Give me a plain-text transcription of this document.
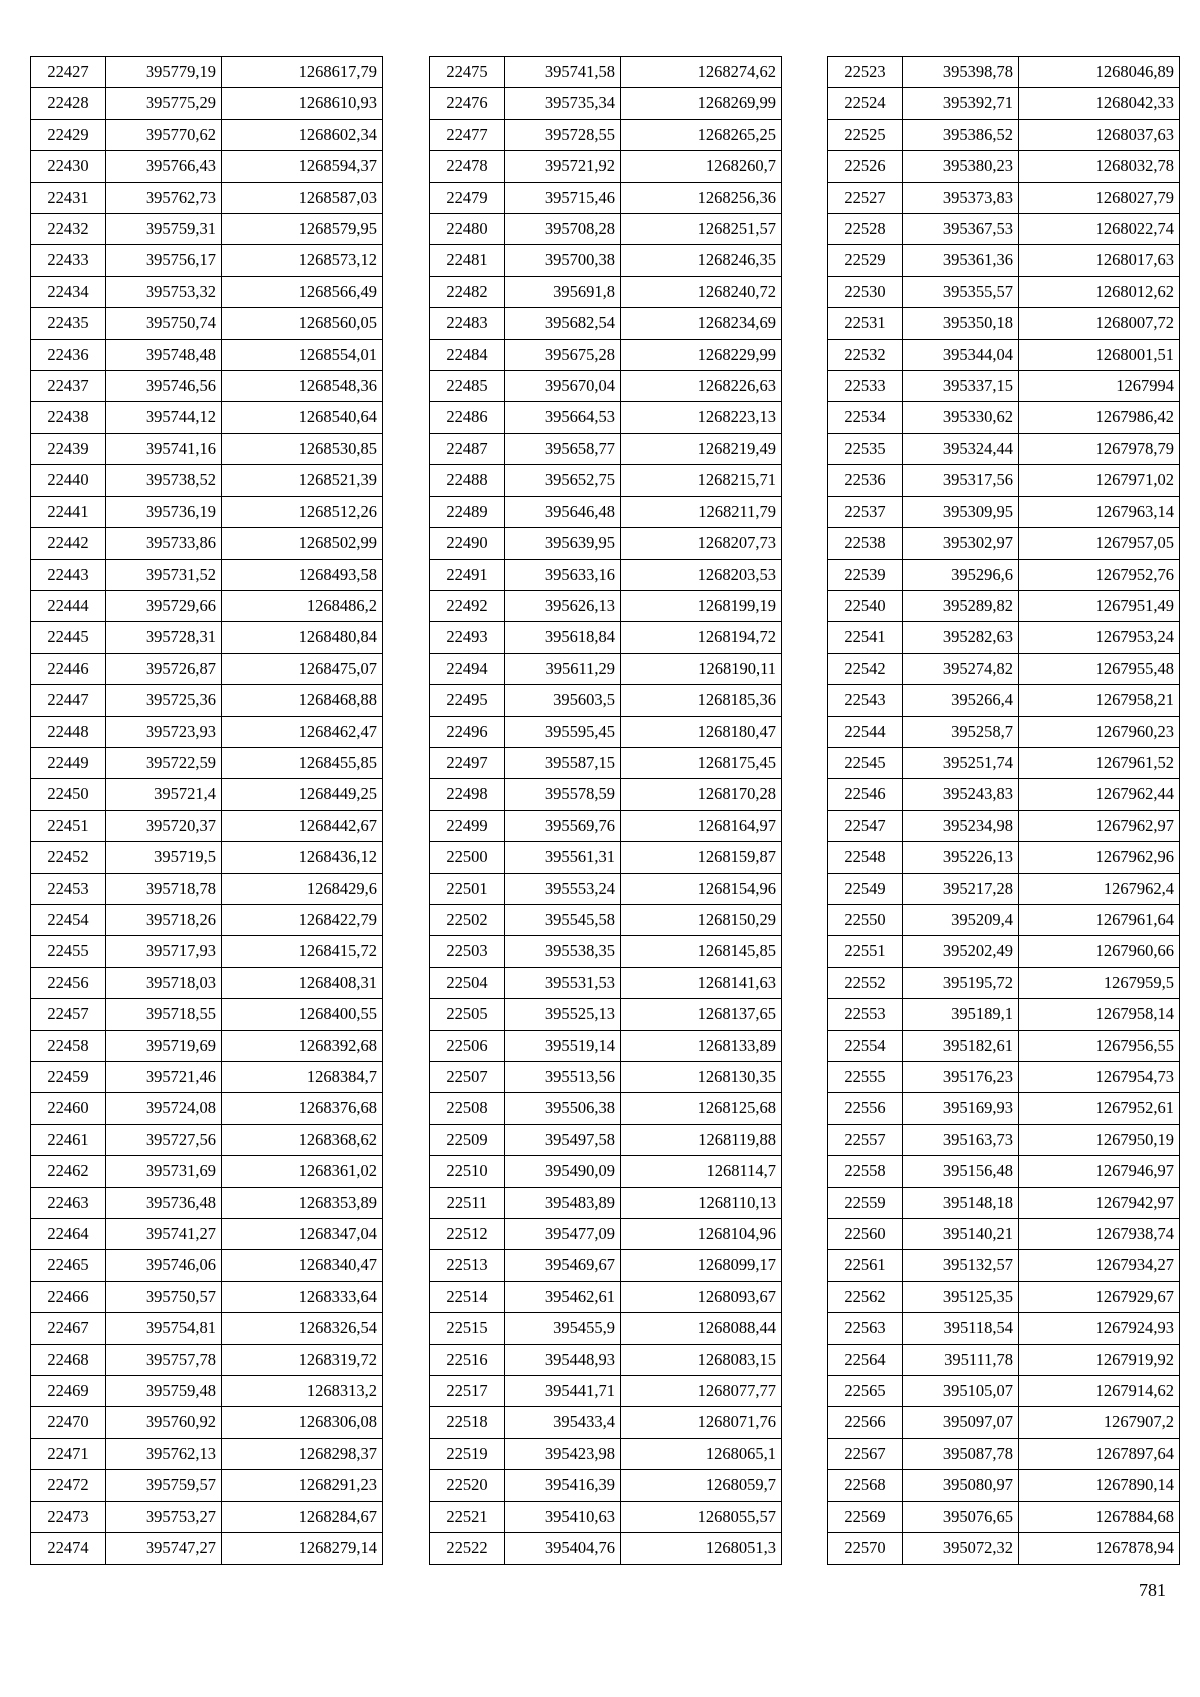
22427	395779,19	1268617,79
22428	395775,29	1268610,93
22429	395770,62	1268602,34
22430	395766,43	1268594,37
22431	395762,73	1268587,03
22432	395759,31	1268579,95
22433	395756,17	1268573,12
22434	395753,32	1268566,49
22435	395750,74	1268560,05
22436	395748,48	1268554,01
22437	395746,56	1268548,36
22438	395744,12	1268540,64
22439	395741,16	1268530,85
22440	395738,52	1268521,39
22441	395736,19	1268512,26
22442	395733,86	1268502,99
22443	395731,52	1268493,58
22444	395729,66	1268486,2
22445	395728,31	1268480,84
22446	395726,87	1268475,07
22447	395725,36	1268468,88
22448	395723,93	1268462,47
22449	395722,59	1268455,85
22450	395721,4	1268449,25
22451	395720,37	1268442,67
22452	395719,5	1268436,12
22453	395718,78	1268429,6
22454	395718,26	1268422,79
22455	395717,93	1268415,72
22456	395718,03	1268408,31
22457	395718,55	1268400,55
22458	395719,69	1268392,68
22459	395721,46	1268384,7
22460	395724,08	1268376,68
22461	395727,56	1268368,62
22462	395731,69	1268361,02
22463	395736,48	1268353,89
22464	395741,27	1268347,04
22465	395746,06	1268340,47
22466	395750,57	1268333,64
22467	395754,81	1268326,54
22468	395757,78	1268319,72
22469	395759,48	1268313,2
22470	395760,92	1268306,08
22471	395762,13	1268298,37
22472	395759,57	1268291,23
22473	395753,27	1268284,67
22474	395747,27	1268279,14
22475	395741,58	1268274,62
22476	395735,34	1268269,99
22477	395728,55	1268265,25
22478	395721,92	1268260,7
22479	395715,46	1268256,36
22480	395708,28	1268251,57
22481	395700,38	1268246,35
22482	395691,8	1268240,72
22483	395682,54	1268234,69
22484	395675,28	1268229,99
22485	395670,04	1268226,63
22486	395664,53	1268223,13
22487	395658,77	1268219,49
22488	395652,75	1268215,71
22489	395646,48	1268211,79
22490	395639,95	1268207,73
22491	395633,16	1268203,53
22492	395626,13	1268199,19
22493	395618,84	1268194,72
22494	395611,29	1268190,11
22495	395603,5	1268185,36
22496	395595,45	1268180,47
22497	395587,15	1268175,45
22498	395578,59	1268170,28
22499	395569,76	1268164,97
22500	395561,31	1268159,87
22501	395553,24	1268154,96
22502	395545,58	1268150,29
22503	395538,35	1268145,85
22504	395531,53	1268141,63
22505	395525,13	1268137,65
22506	395519,14	1268133,89
22507	395513,56	1268130,35
22508	395506,38	1268125,68
22509	395497,58	1268119,88
22510	395490,09	1268114,7
22511	395483,89	1268110,13
22512	395477,09	1268104,96
22513	395469,67	1268099,17
22514	395462,61	1268093,67
22515	395455,9	1268088,44
22516	395448,93	1268083,15
22517	395441,71	1268077,77
22518	395433,4	1268071,76
22519	395423,98	1268065,1
22520	395416,39	1268059,7
22521	395410,63	1268055,57
22522	395404,76	1268051,3
22523	395398,78	1268046,89
22524	395392,71	1268042,33
22525	395386,52	1268037,63
22526	395380,23	1268032,78
22527	395373,83	1268027,79
22528	395367,53	1268022,74
22529	395361,36	1268017,63
22530	395355,57	1268012,62
22531	395350,18	1268007,72
22532	395344,04	1268001,51
22533	395337,15	1267994
22534	395330,62	1267986,42
22535	395324,44	1267978,79
22536	395317,56	1267971,02
22537	395309,95	1267963,14
22538	395302,97	1267957,05
22539	395296,6	1267952,76
22540	395289,82	1267951,49
22541	395282,63	1267953,24
22542	395274,82	1267955,48
22543	395266,4	1267958,21
22544	395258,7	1267960,23
22545	395251,74	1267961,52
22546	395243,83	1267962,44
22547	395234,98	1267962,97
22548	395226,13	1267962,96
22549	395217,28	1267962,4
22550	395209,4	1267961,64
22551	395202,49	1267960,66
22552	395195,72	1267959,5
22553	395189,1	1267958,14
22554	395182,61	1267956,55
22555	395176,23	1267954,73
22556	395169,93	1267952,61
22557	395163,73	1267950,19
22558	395156,48	1267946,97
22559	395148,18	1267942,97
22560	395140,21	1267938,74
22561	395132,57	1267934,27
22562	395125,35	1267929,67
22563	395118,54	1267924,93
22564	395111,78	1267919,92
22565	395105,07	1267914,62
22566	395097,07	1267907,2
22567	395087,78	1267897,64
22568	395080,97	1267890,14
22569	395076,65	1267884,68
22570	395072,32	1267878,94
781
